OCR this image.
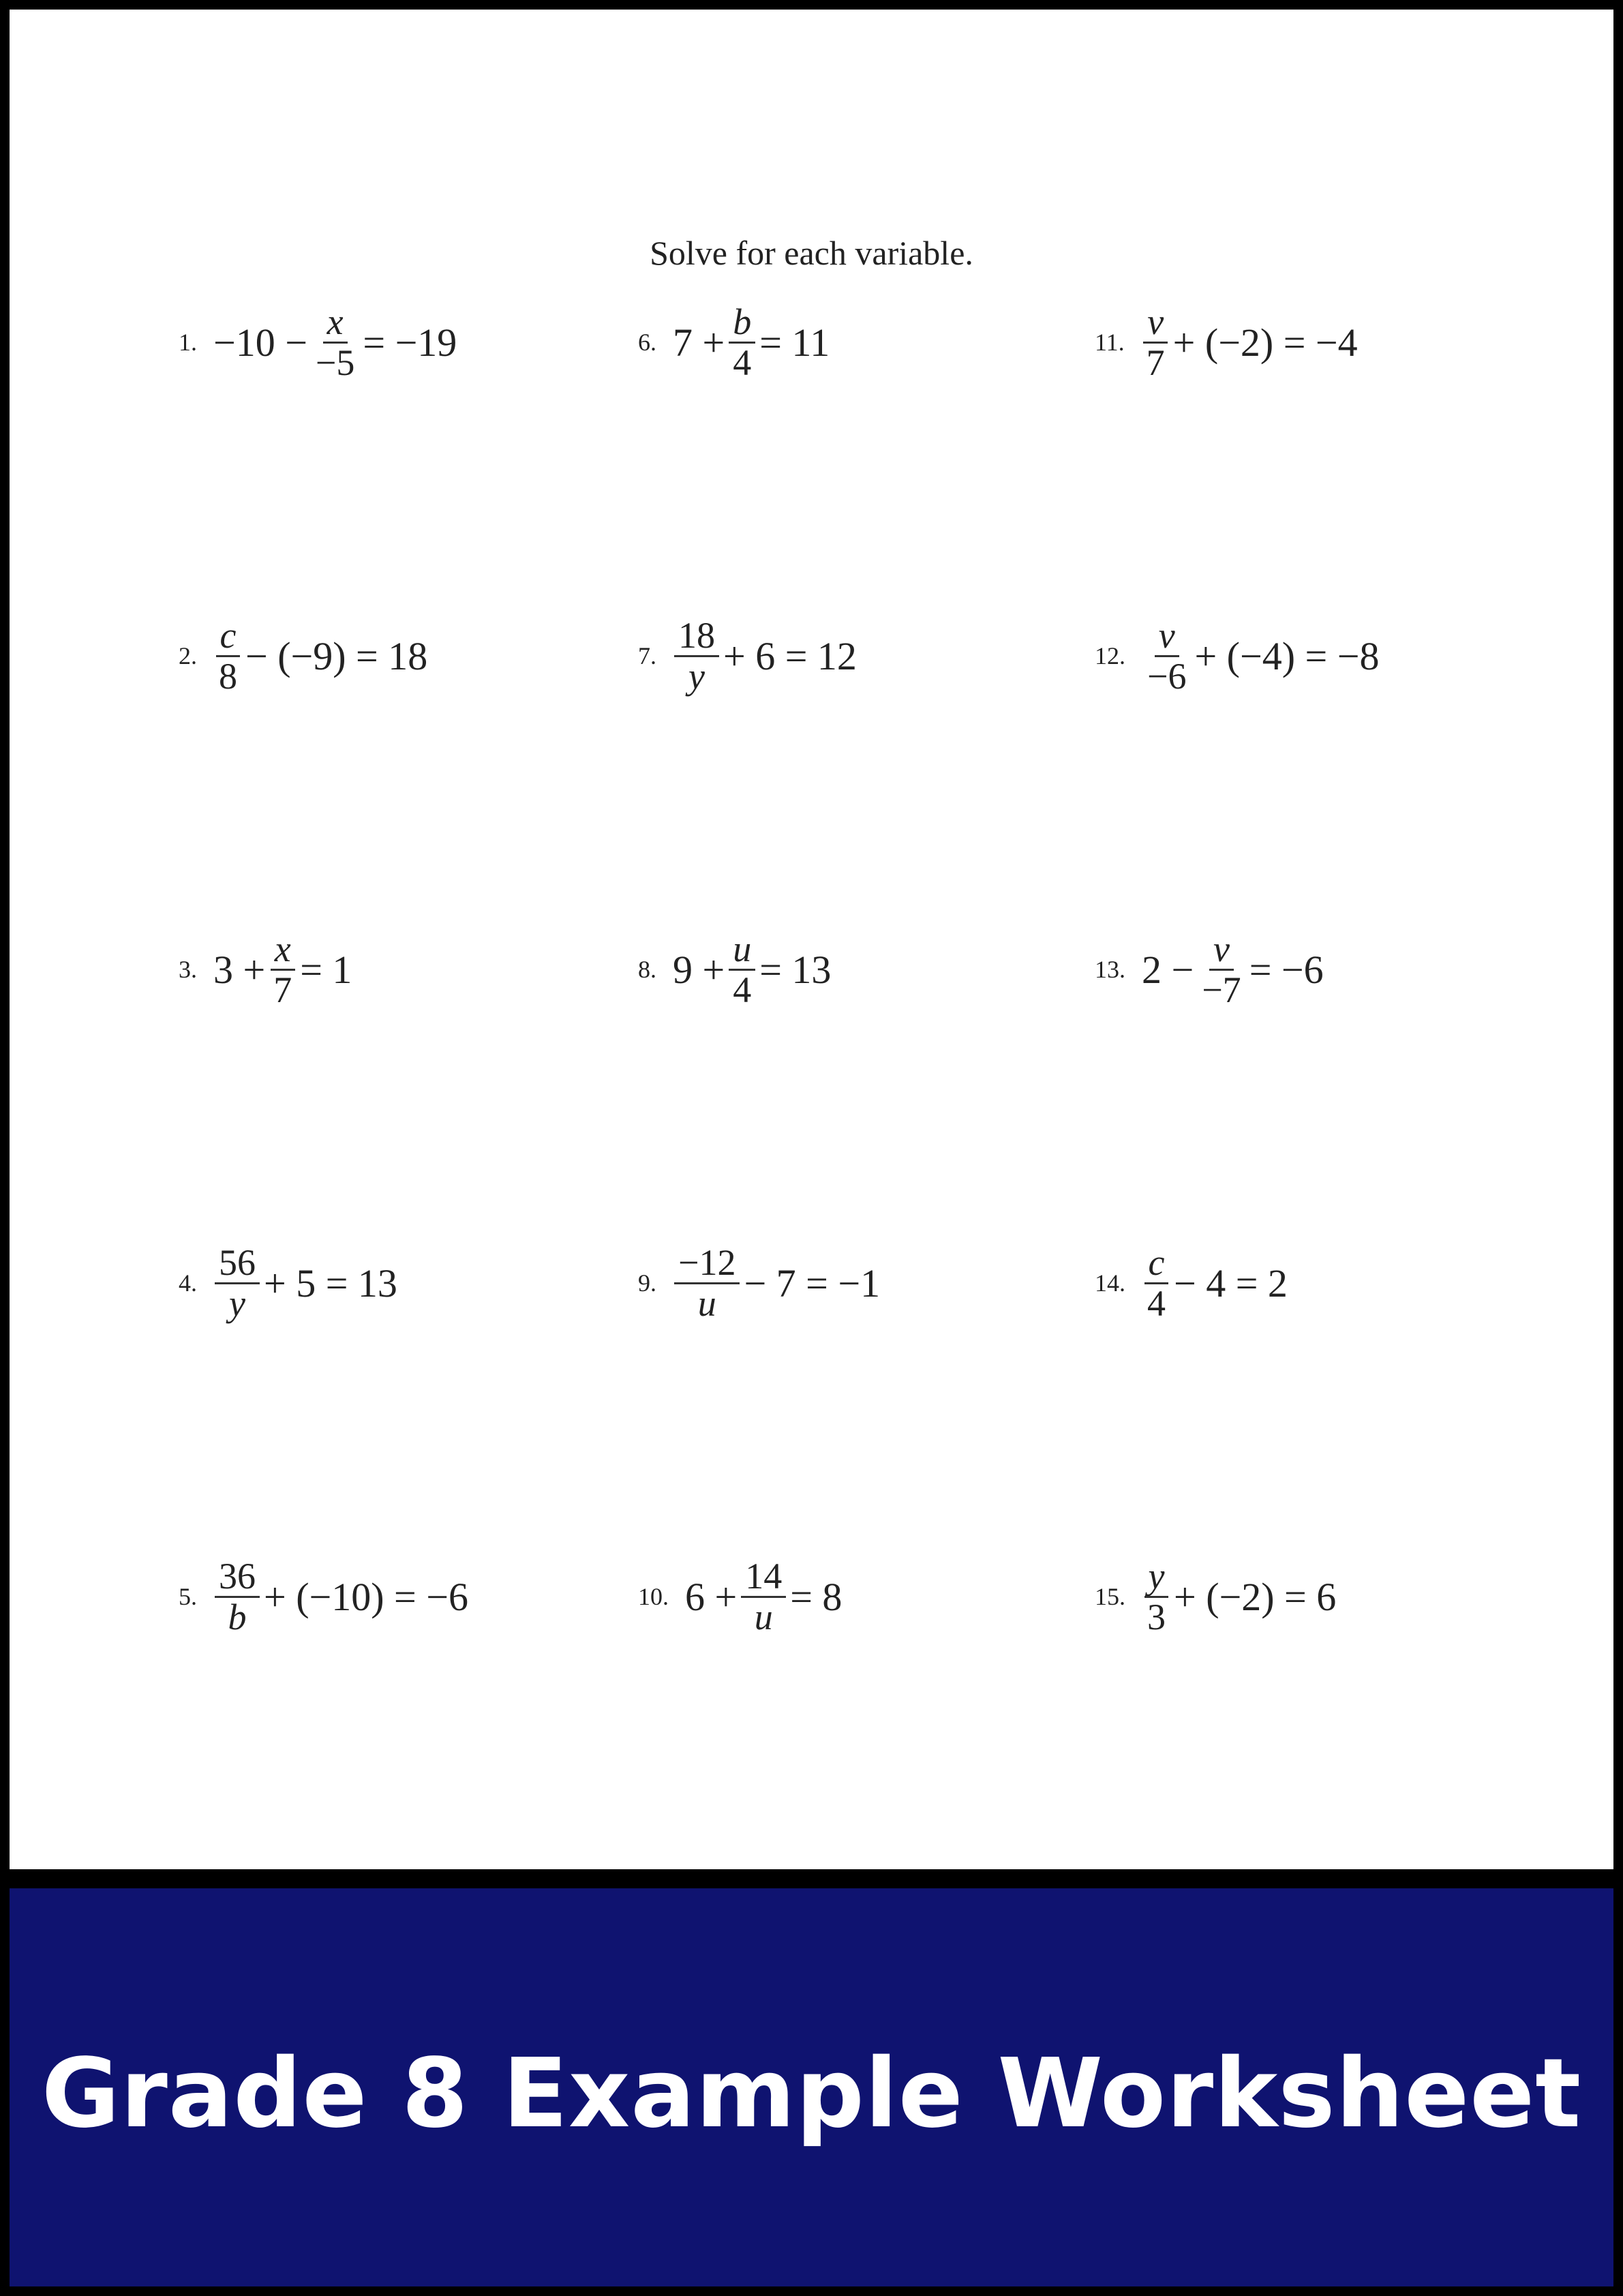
Solve for each variable.
1. $-10 - \frac{x}{-5} = -19$
2. $\frac{c}{8} - (-9) = 18$
3. $3 + \frac{x}{7} = 1$
4. $\frac{56}{y} + 5 = 13$
5. $\frac{36}{b} + (-10) = -6$
6. $7 + \frac{b}{4} = 11$
7. $\frac{18}{y} + 6 = 12$
8. $9 + \frac{u}{4} = 13$
9. $\frac{-12}{u} - 7 = -1$
10. $6 + \frac{14}{u} = 8$
11. $\frac{v}{7} + (-2) = -4$
12. $\frac{v}{-6} + (-4) = -8$
13. $2 - \frac{v}{-7} = -6$
14. $\frac{c}{4} - 4 = 2$
15. $\frac{y}{3} + (-2) = 6$
Grade 8 Example Worksheet
